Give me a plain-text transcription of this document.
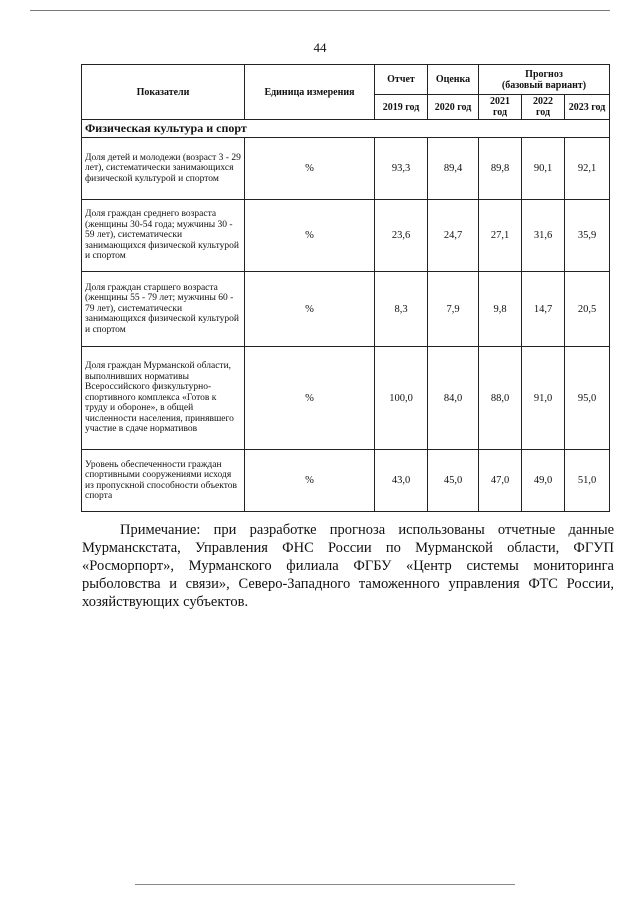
44
Показатели	Единица измерения	Отчет	Оценка	Прогноз
(базовый вариант)		

		2019 год	2020 год	2021 год	2022 год	2023 год
Физическая культура и спорт						
Доля детей и молодежи (возраст 3 - 29 лет), систематически занимающихся физической культурой и спортом	%	93,3	89,4	89,8	90,1	92,1
Доля граждан среднего возраста (женщины 30-54 года; мужчины 30 - 59 лет), систематически занимающихся физической культурой и спортом	%	23,6	24,7	27,1	31,6	35,9
Доля граждан старшего возраста (женщины 55 - 79 лет; мужчины 60 - 79 лет), систематически занимающихся физической культурой и спортом	%	8,3	7,9	9,8	14,7	20,5
Доля граждан Мурманской области, выполнивших нормативы Всероссийского физкультурно-спортивного комплекса «Готов к труду и обороне», в общей численности населения, принявшего участие в сдаче нормативов	%	100,0	84,0	88,0	91,0	95,0
Уровень обеспеченности граждан спортивными сооружениями исходя из пропускной способности объектов спорта	%	43,0	45,0	47,0	49,0	51,0
Примечание: при разработке прогноза использованы отчетные данные Мурманскстата, Управления ФНС России по Мурманской области, ФГУП «Росморпорт», Мурманского филиала ФГБУ «Центр системы мониторинга рыболовства и связи», Северо-Западного таможенного управления ФТС России, хозяйствующих субъектов.
